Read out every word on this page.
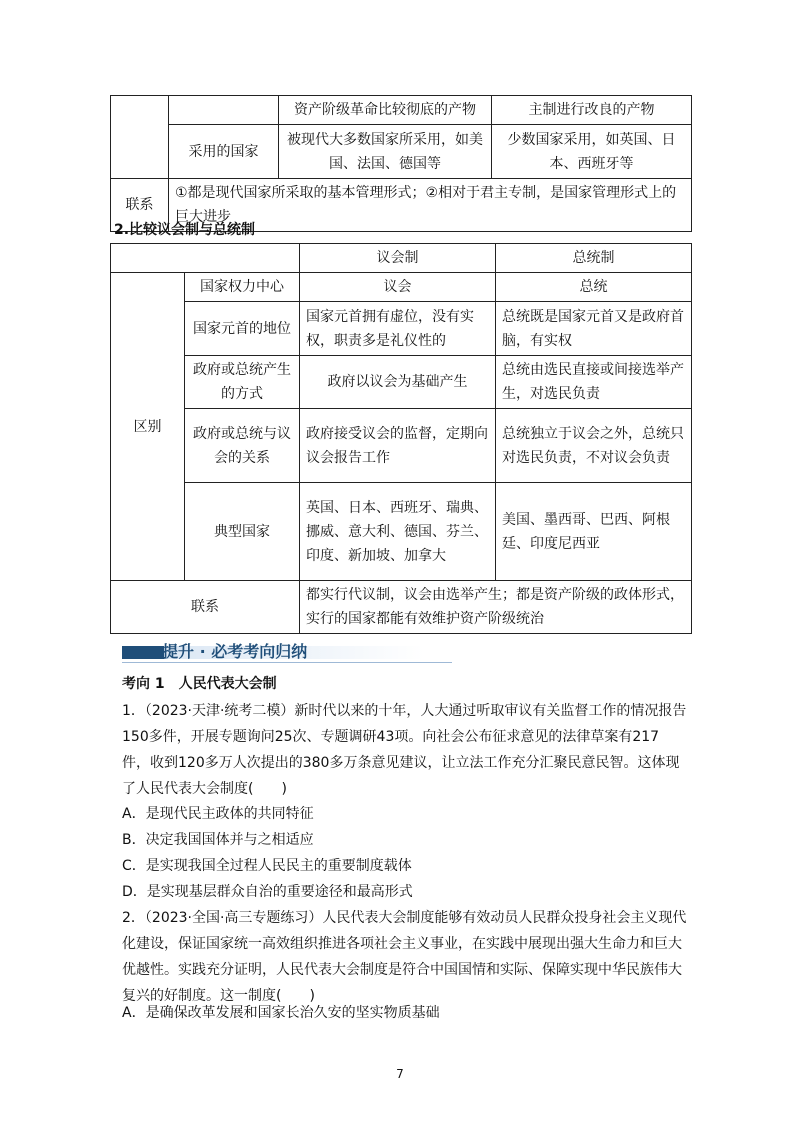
		资产阶级革命比较彻底的产物	主制进行改良的产物
	采用的国家	被现代大多数国家所采用，如美国、法国、德国等	少数国家采用，如英国、日本、西班牙等
联系	①都是现代国家所采取的基本管理形式；②相对于君主专制，是国家管理形式上的巨大进步		
2.比较议会制与总统制
		议会制	总统制
区别	国家权力中心	议会	总统
	国家元首的地位	国家元首拥有虚位，没有实权，职责多是礼仪性的	总统既是国家元首又是政府首脑，有实权
	政府或总统产生的方式	政府以议会为基础产生	总统由选民直接或间接选举产生，对选民负责
	政府或总统与议会的关系	政府接受议会的监督，定期向议会报告工作	总统独立于议会之外，总统只对选民负责，不对议会负责
	典型国家	英国、日本、西班牙、瑞典、挪威、意大利、德国、芬兰、印度、新加坡、加拿大	美国、墨西哥、巴西、阿根廷、印度尼西亚
联系		都实行代议制，议会由选举产生；都是资产阶级的政体形式，实行的国家都能有效维护资产阶级统治	
提升 · 必考考向归纳
考向 1　人民代表大会制
1．（2023·天津·统考二模）新时代以来的十年，人大通过听取审议有关监督工作的情况报告150多件，开展专题询问25次、专题调研43项。向社会公布征求意见的法律草案有217件，收到120多万人次提出的380多万条意见建议，让立法工作充分汇聚民意民智。这体现了人民代表大会制度(　　)
A．是现代民主政体的共同特征
B．决定我国国体并与之相适应
C．是实现我国全过程人民民主的重要制度载体
D．是实现基层群众自治的重要途径和最高形式
2．（2023·全国·高三专题练习）人民代表大会制度能够有效动员人民群众投身社会主义现代化建设，保证国家统一高效组织推进各项社会主义事业，在实践中展现出强大生命力和巨大优越性。实践充分证明，人民代表大会制度是符合中国国情和实际、保障实现中华民族伟大复兴的好制度。这一制度(　　)
A．是确保改革发展和国家长治久安的坚实物质基础
7
